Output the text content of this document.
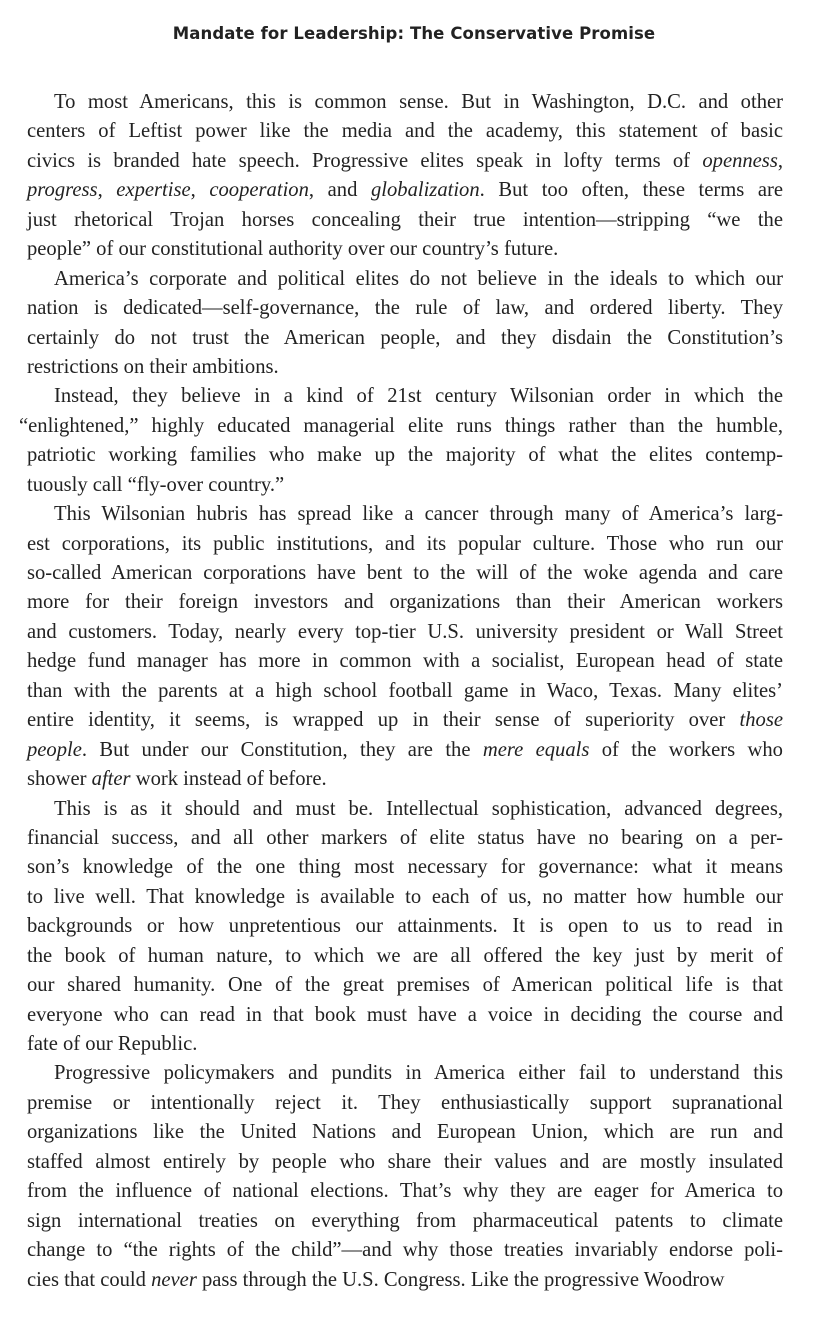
Mandate for Leadership: The Conservative Promise
To most Americans, this is common sense. But in Washington, D.C. and other
centers of Leftist power like the media and the academy, this statement of basic
civics is branded hate speech. Progressive elites speak in lofty terms of openness,
progress, expertise, cooperation, and globalization. But too often, these terms are
just rhetorical Trojan horses concealing their true intention—stripping “we the
people” of our constitutional authority over our country’s future.
America’s corporate and political elites do not believe in the ideals to which our
nation is dedicated—self-governance, the rule of law, and ordered liberty. They
certainly do not trust the American people, and they disdain the Constitution’s
restrictions on their ambitions.
Instead, they believe in a kind of 21st century Wilsonian order in which the
“enlightened,” highly educated managerial elite runs things rather than the humble,
patriotic working families who make up the majority of what the elites contemp-
tuously call “fly-over country.”
This Wilsonian hubris has spread like a cancer through many of America’s larg-
est corporations, its public institutions, and its popular culture. Those who run our
so-called American corporations have bent to the will of the woke agenda and care
more for their foreign investors and organizations than their American workers
and customers. Today, nearly every top-tier U.S. university president or Wall Street
hedge fund manager has more in common with a socialist, European head of state
than with the parents at a high school football game in Waco, Texas. Many elites’
entire identity, it seems, is wrapped up in their sense of superiority over those
people. But under our Constitution, they are the mere equals of the workers who
shower after work instead of before.
This is as it should and must be. Intellectual sophistication, advanced degrees,
financial success, and all other markers of elite status have no bearing on a per-
son’s knowledge of the one thing most necessary for governance: what it means
to live well. That knowledge is available to each of us, no matter how humble our
backgrounds or how unpretentious our attainments. It is open to us to read in
the book of human nature, to which we are all offered the key just by merit of
our shared humanity. One of the great premises of American political life is that
everyone who can read in that book must have a voice in deciding the course and
fate of our Republic.
Progressive policymakers and pundits in America either fail to understand this
premise or intentionally reject it. They enthusiastically support supranational
organizations like the United Nations and European Union, which are run and
staffed almost entirely by people who share their values and are mostly insulated
from the influence of national elections. That’s why they are eager for America to
sign international treaties on everything from pharmaceutical patents to climate
change to “the rights of the child”—and why those treaties invariably endorse poli-
cies that could never pass through the U.S. Congress. Like the progressive Woodrow
